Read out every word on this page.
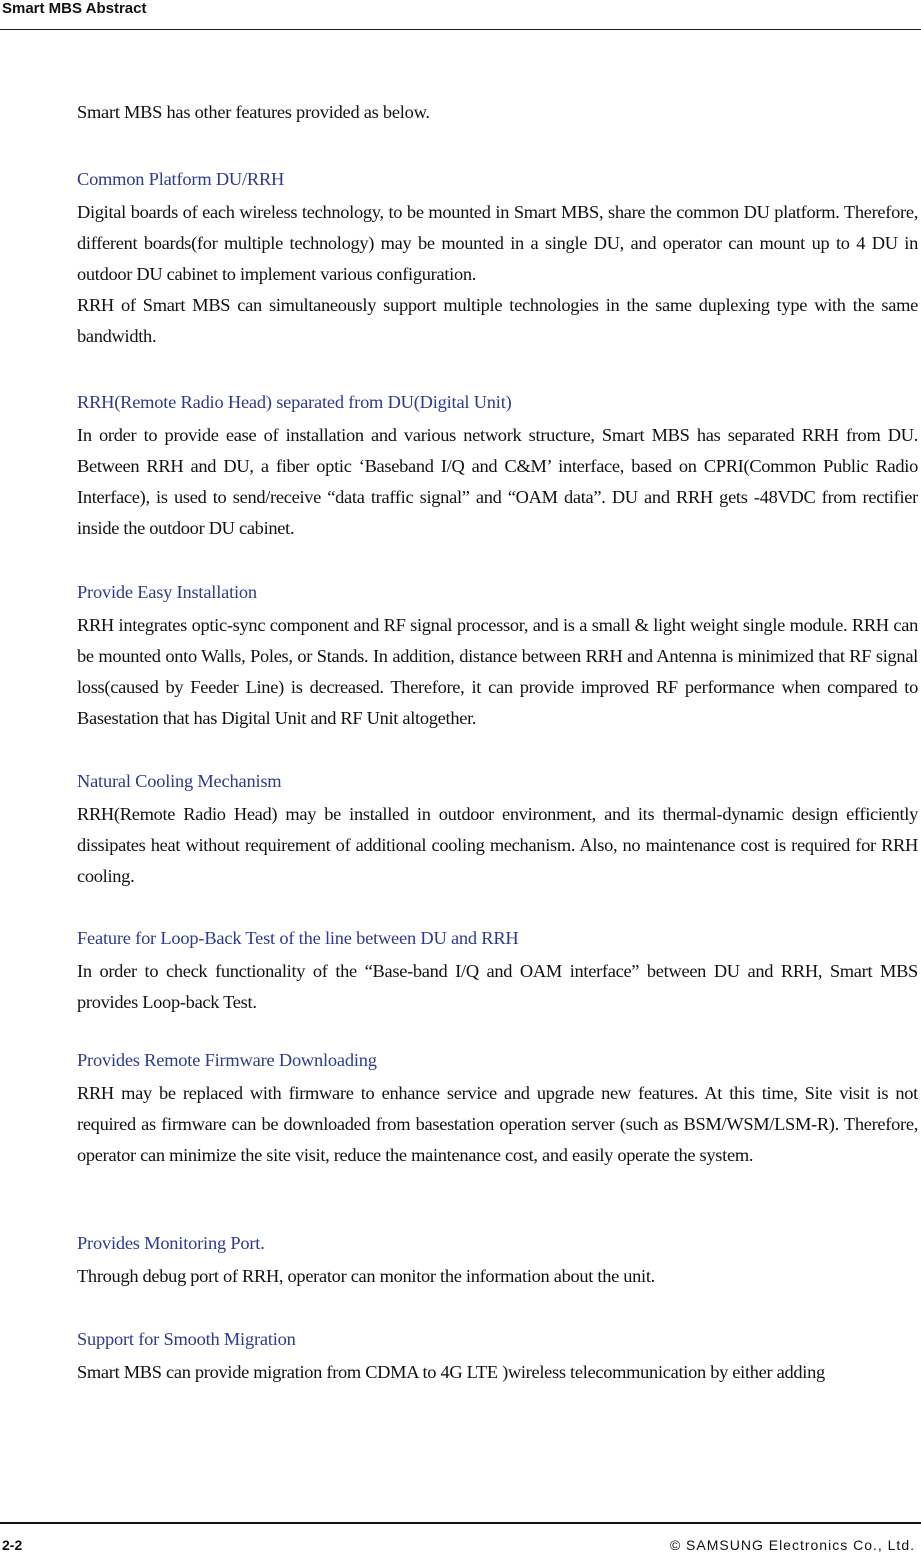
Smart MBS Abstract

Smart MBS has other features provided as below.

Common Platform DU/RRH

Digital boards of each wireless technology, to be mounted in Smart MBS, share the common DU platform. Therefore, different boards(for multiple technology) may be mounted in a single DU, and operator can mount up to 4 DU in outdoor DU cabinet to implement various configuration.

RRH of Smart MBS can simultaneously support multiple technologies in the same duplexing type with the same bandwidth.

RRH(Remote Radio Head) separated from DU(Digital Unit)

In order to provide ease of installation and various network structure, Smart MBS has separated RRH from DU. Between RRH and DU, a fiber optic ‘Baseband I/Q and C&M’ interface, based on CPRI(Common Public Radio Interface), is used to send/receive “data traffic signal” and “OAM data”. DU and RRH gets -48VDC from rectifier inside the outdoor DU cabinet.

Provide Easy Installation

RRH integrates optic-sync component and RF signal processor, and is a small & light weight single module. RRH can be mounted onto Walls, Poles, or Stands. In addition, distance between RRH and Antenna is minimized that RF signal loss(caused by Feeder Line) is decreased. Therefore, it can provide improved RF performance when compared to Basestation that has Digital Unit and RF Unit altogether.

Natural Cooling Mechanism

RRH(Remote Radio Head) may be installed in outdoor environment, and its thermal-dynamic design efficiently dissipates heat without requirement of additional cooling mechanism. Also, no maintenance cost is required for RRH cooling.

Feature for Loop-Back Test of the line between DU and RRH

In order to check functionality of the “Base-band I/Q and OAM interface” between DU and RRH, Smart MBS provides Loop-back Test.

Provides Remote Firmware Downloading

RRH may be replaced with firmware to enhance service and upgrade new features. At this time, Site visit is not required as firmware can be downloaded from basestation operation server (such as BSM/WSM/LSM-R). Therefore, operator can minimize the site visit, reduce the maintenance cost, and easily operate the system.

Provides Monitoring Port.

Through debug port of RRH, operator can monitor the information about the unit.

Support for Smooth Migration

Smart MBS can provide migration from CDMA to 4G LTE )wireless telecommunication by either adding

2-2	© SAMSUNG Electronics Co., Ltd.
